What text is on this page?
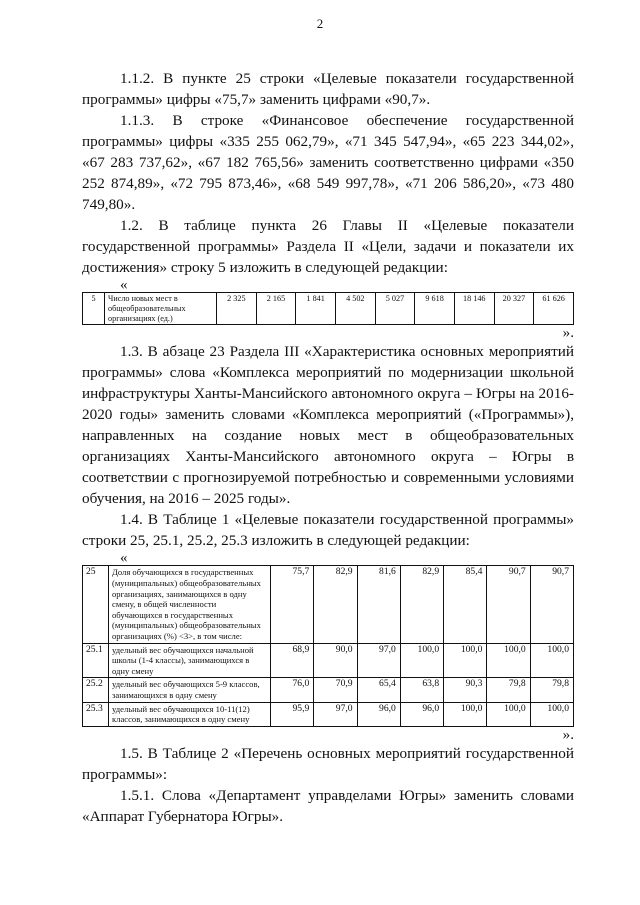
2

1.1.2. В пункте 25 строки «Целевые показатели государственной программы» цифры «75,7» заменить цифрами «90,7».

1.1.3. В строке «Финансовое обеспечение государственной программы» цифры «335 255 062,79», «71 345 547,94», «65 223 344,02», «67 283 737,62», «67 182 765,56» заменить соответственно цифрами «350 252 874,89», «72 795 873,46», «68 549 997,78», «71 206 586,20», «73 480 749,80».

1.2. В таблице пункта 26 Главы II «Целевые показатели государственной программы» Раздела II «Цели, задачи и показатели их достижения» строку 5 изложить в следующей редакции:

«

5	Число новых мест в общеобразовательных организациях (ед.)	2 325	2 165	1 841	4 502	5 027	9 618	18 146	20 327	61 626

».

1.3. В абзаце 23 Раздела III «Характеристика основных мероприятий программы» слова «Комплекса мероприятий по модернизации школьной инфраструктуры Ханты-Мансийского автономного округа – Югры на 2016-2020 годы» заменить словами «Комплекса мероприятий («Программы»), направленных на создание новых мест в общеобразовательных организациях Ханты-Мансийского автономного округа – Югры в соответствии с прогнозируемой потребностью и современными условиями обучения, на 2016 – 2025 годы».

1.4. В Таблице 1 «Целевые показатели государственной программы» строки 25, 25.1, 25.2, 25.3 изложить в следующей редакции:

«

25	Доля обучающихся в государственных (муниципальных) общеобразовательных организациях, занимающихся в одну смену, в общей численности обучающихся в государственных (муниципальных) общеобразовательных организациях (%) <3>, в том числе:	75,7	82,9	81,6	82,9	85,4	90,7	90,7
25.1	удельный вес обучающихся начальной школы (1-4 классы), занимающихся в одну смену	68,9	90,0	97,0	100,0	100,0	100,0	100,0
25.2	удельный вес обучающихся 5-9 классов, занимающихся в одну смену	76,0	70,9	65,4	63,8	90,3	79,8	79,8
25.3	удельный вес обучающихся 10-11(12) классов, занимающихся в одну смену	95,9	97,0	96,0	96,0	100,0	100,0	100,0

».

1.5. В Таблице 2 «Перечень основных мероприятий государственной программы»:

1.5.1. Слова «Департамент управделами Югры» заменить словами «Аппарат Губернатора Югры».
